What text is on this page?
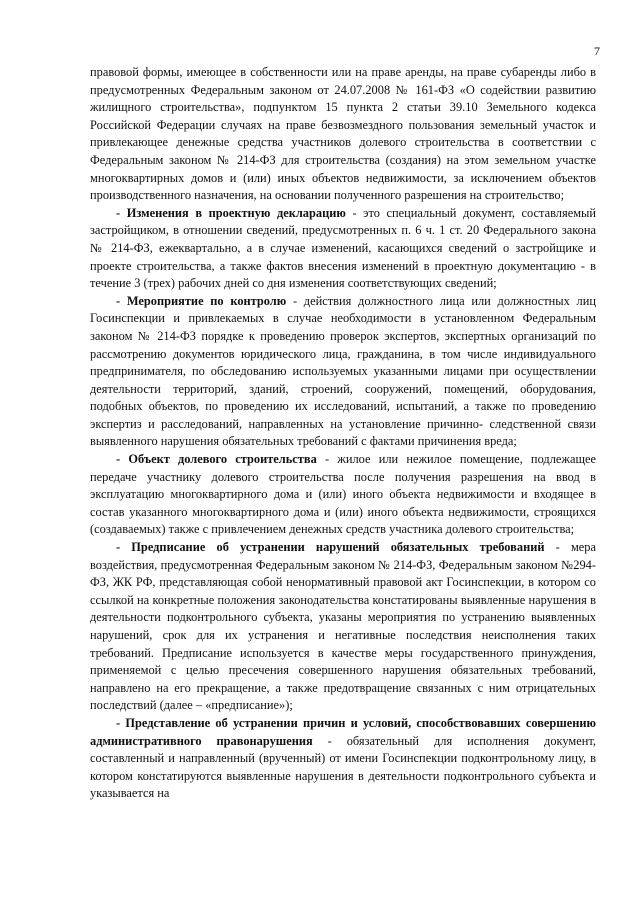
7

правовой формы, имеющее в собственности или на праве аренды, на праве субаренды либо в предусмотренных Федеральным законом от 24.07.2008 № 161-ФЗ «О содействии развитию жилищного строительства», подпунктом 15 пункта 2 статьи 39.10 Земельного кодекса Российской Федерации случаях на праве безвозмездного пользования земельный участок и привлекающее денежные средства участников долевого строительства в соответствии с Федеральным законом № 214-ФЗ для строительства (создания) на этом земельном участке многоквартирных домов и (или) иных объектов недвижимости, за исключением объектов производственного назначения, на основании полученного разрешения на строительство;

- Изменения в проектную декларацию - это специальный документ, составляемый застройщиком, в отношении сведений, предусмотренных п. 6 ч. 1 ст. 20 Федерального закона № 214-ФЗ, ежеквартально, а в случае изменений, касающихся сведений о застройщике и проекте строительства, а также фактов внесения изменений в проектную документацию - в течение 3 (трех) рабочих дней со дня изменения соответствующих сведений;

- Мероприятие по контролю - действия должностного лица или должностных лиц Госинспекции и привлекаемых в случае необходимости в установленном Федеральным законом № 214-ФЗ порядке к проведению проверок экспертов, экспертных организаций по рассмотрению документов юридического лица, гражданина, в том числе индивидуального предпринимателя, по обследованию используемых указанными лицами при осуществлении деятельности территорий, зданий, строений, сооружений, помещений, оборудования, подобных объектов, по проведению их исследований, испытаний, а также по проведению экспертиз и расследований, направленных на установление причинно- следственной связи выявленного нарушения обязательных требований с фактами причинения вреда;

- Объект долевого строительства - жилое или нежилое помещение, подлежащее передаче участнику долевого строительства после получения разрешения на ввод в эксплуатацию многоквартирного дома и (или) иного объекта недвижимости и входящее в состав указанного многоквартирного дома и (или) иного объекта недвижимости, строящихся (создаваемых) также с привлечением денежных средств участника долевого строительства;

- Предписание об устранении нарушений обязательных требований - мера воздействия, предусмотренная Федеральным законом № 214-ФЗ, Федеральным законом №294-ФЗ, ЖК РФ, представляющая собой ненормативный правовой акт Госинспекции, в котором со ссылкой на конкретные положения законодательства констатированы выявленные нарушения в деятельности подконтрольного субъекта, указаны мероприятия по устранению выявленных нарушений, срок для их устранения и негативные последствия неисполнения таких требований. Предписание используется в качестве меры государственного принуждения, применяемой с целью пресечения совершенного нарушения обязательных требований, направлено на его прекращение, а также предотвращение связанных с ним отрицательных последствий (далее – «предписание»);

- Представление об устранении причин и условий, способствовавших совершению административного правонарушения - обязательный для исполнения документ, составленный и направленный (врученный) от имени Госинспекции подконтрольному лицу, в котором констатируются выявленные нарушения в деятельности подконтрольного субъекта и указывается на
